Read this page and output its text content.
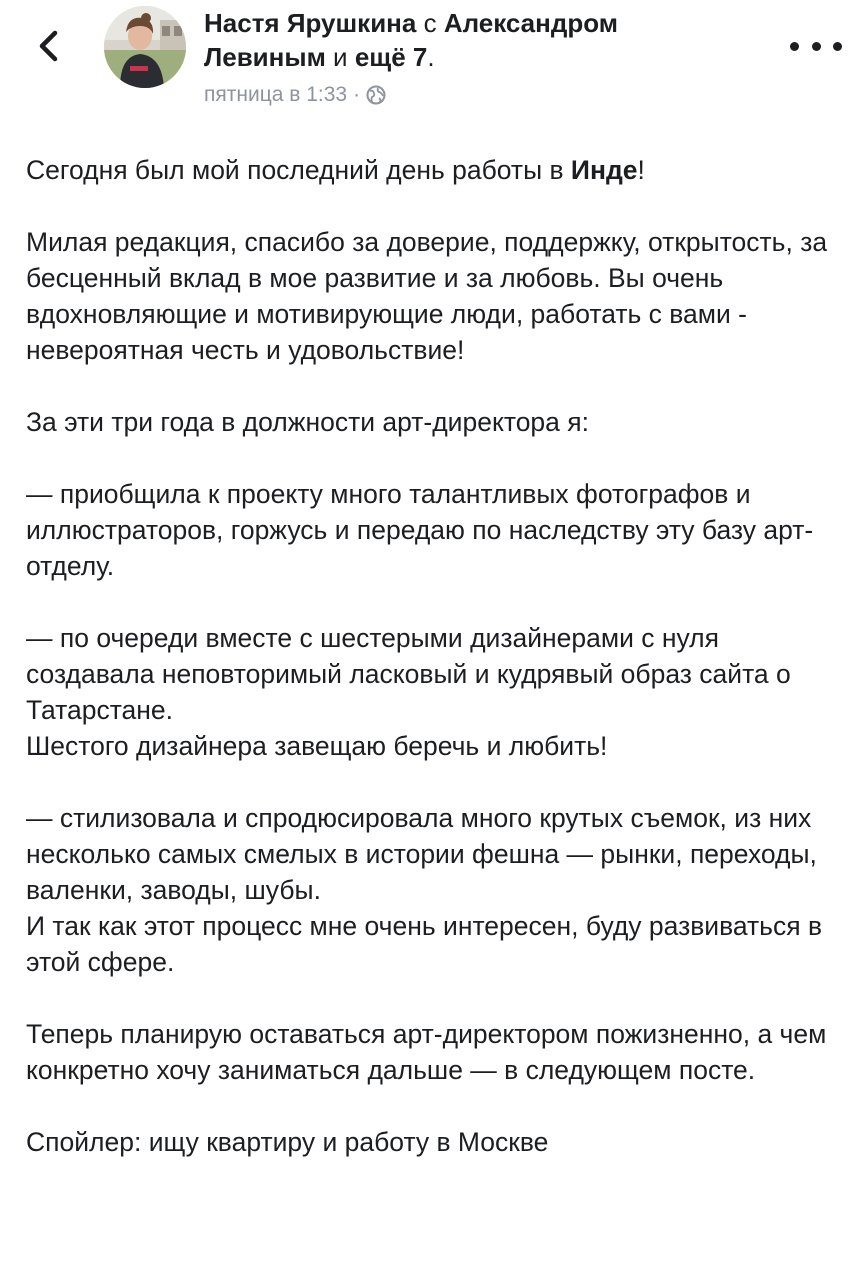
Настя Ярушкина с Александром
Левиным и ещё 7.
пятница в 1:33 ·

Сегодня был мой последний день работы в Инде!

Милая редакция, спасибо за доверие, поддержку, открытость, за бесценный вклад в мое развитие и за любовь. Вы очень вдохновляющие и мотивирующие люди, работать с вами - невероятная честь и удовольствие!

За эти три года в должности арт-директора я:

— приобщила к проекту много талантливых фотографов и иллюстраторов, горжусь и передаю по наследству эту базу арт-отделу.

— по очереди вместе с шестерыми дизайнерами с нуля создавала неповторимый ласковый и кудрявый образ сайта о Татарстане.

Шестого дизайнера завещаю беречь и любить!

— стилизовала и спродюсировала много крутых съемок, из них несколько самых смелых в истории фешна — рынки, переходы, валенки, заводы, шубы.

И так как этот процесс мне очень интересен, буду развиваться в этой сфере.

Теперь планирую оставаться арт-директором пожизненно, а чем конкретно хочу заниматься дальше — в следующем посте.

Спойлер: ищу квартиру и работу в Москве
